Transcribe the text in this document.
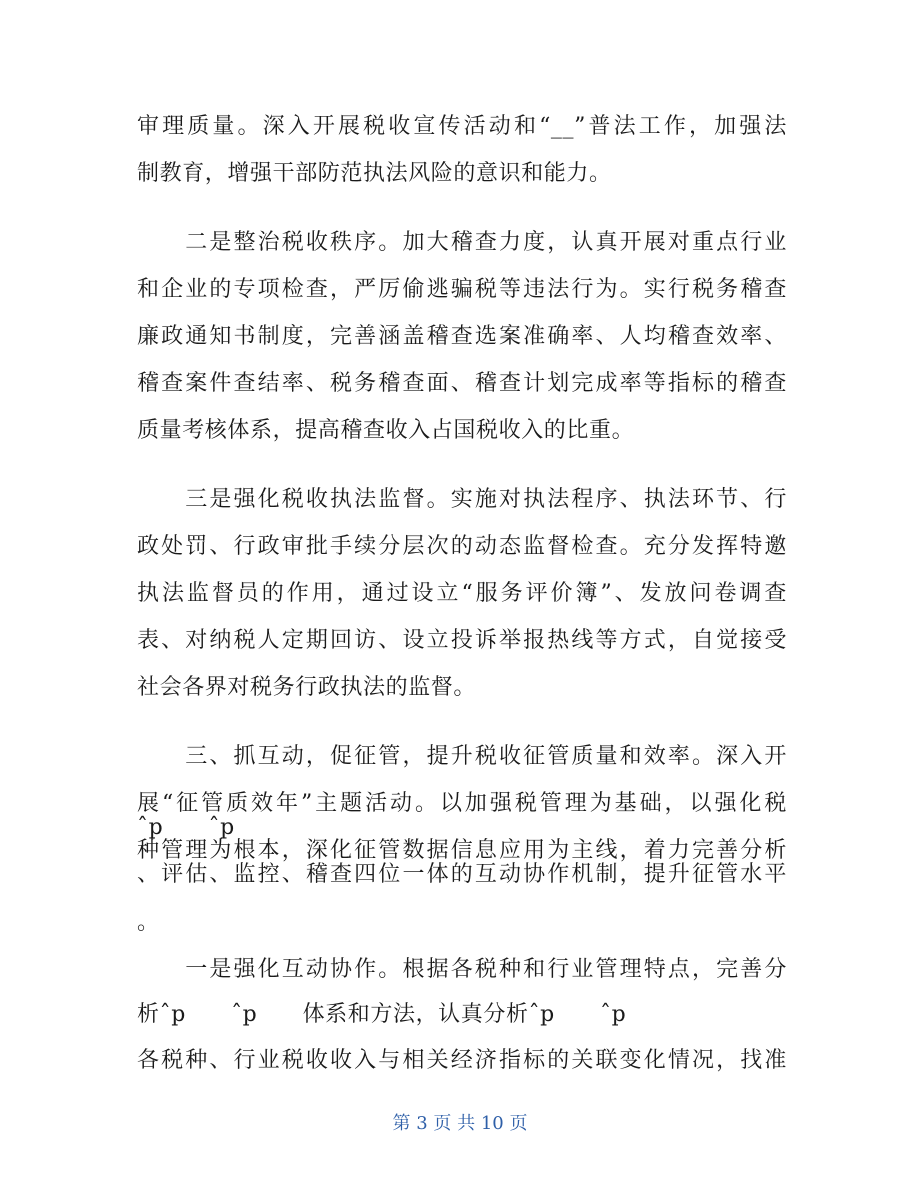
审理质量。深入开展税收宣传活动和“__”普法工作，加强法
制教育，增强干部防范执法风险的意识和能力。
　　二是整治税收秩序。加大稽查力度，认真开展对重点行业
和企业的专项检查，严厉偷逃骗税等违法行为。实行税务稽查
廉政通知书制度，完善涵盖稽查选案准确率、人均稽查效率、
稽查案件查结率、税务稽查面、稽查计划完成率等指标的稽查
质量考核体系，提高稽查收入占国税收入的比重。
　　三是强化税收执法监督。实施对执法程序、执法环节、行
政处罚、行政审批手续分层次的动态监督检查。充分发挥特邀
执法监督员的作用，通过设立“服务评价簿”、发放问卷调查
表、对纳税人定期回访、设立投诉举报热线等方式，自觉接受
社会各界对税务行政执法的监督。
　　三、抓互动，促征管，提升税收征管质量和效率。深入开
展“征管质效年”主题活动。以加强税管理为基础，以强化税
种管理为根本，深化征管数据信息应用为主线，着力完善分析
ˆp　　ˆp
、评估、监控、稽查四位一体的互动协作机制，提升征管水平
。
　　一是强化互动协作。根据各税种和行业管理特点，完善分
析ˆp　　ˆp　　体系和方法，认真分析ˆp　　ˆp
第 3 页 共 10 页
各税种、行业税收收入与相关经济指标的关联变化情况，找准
